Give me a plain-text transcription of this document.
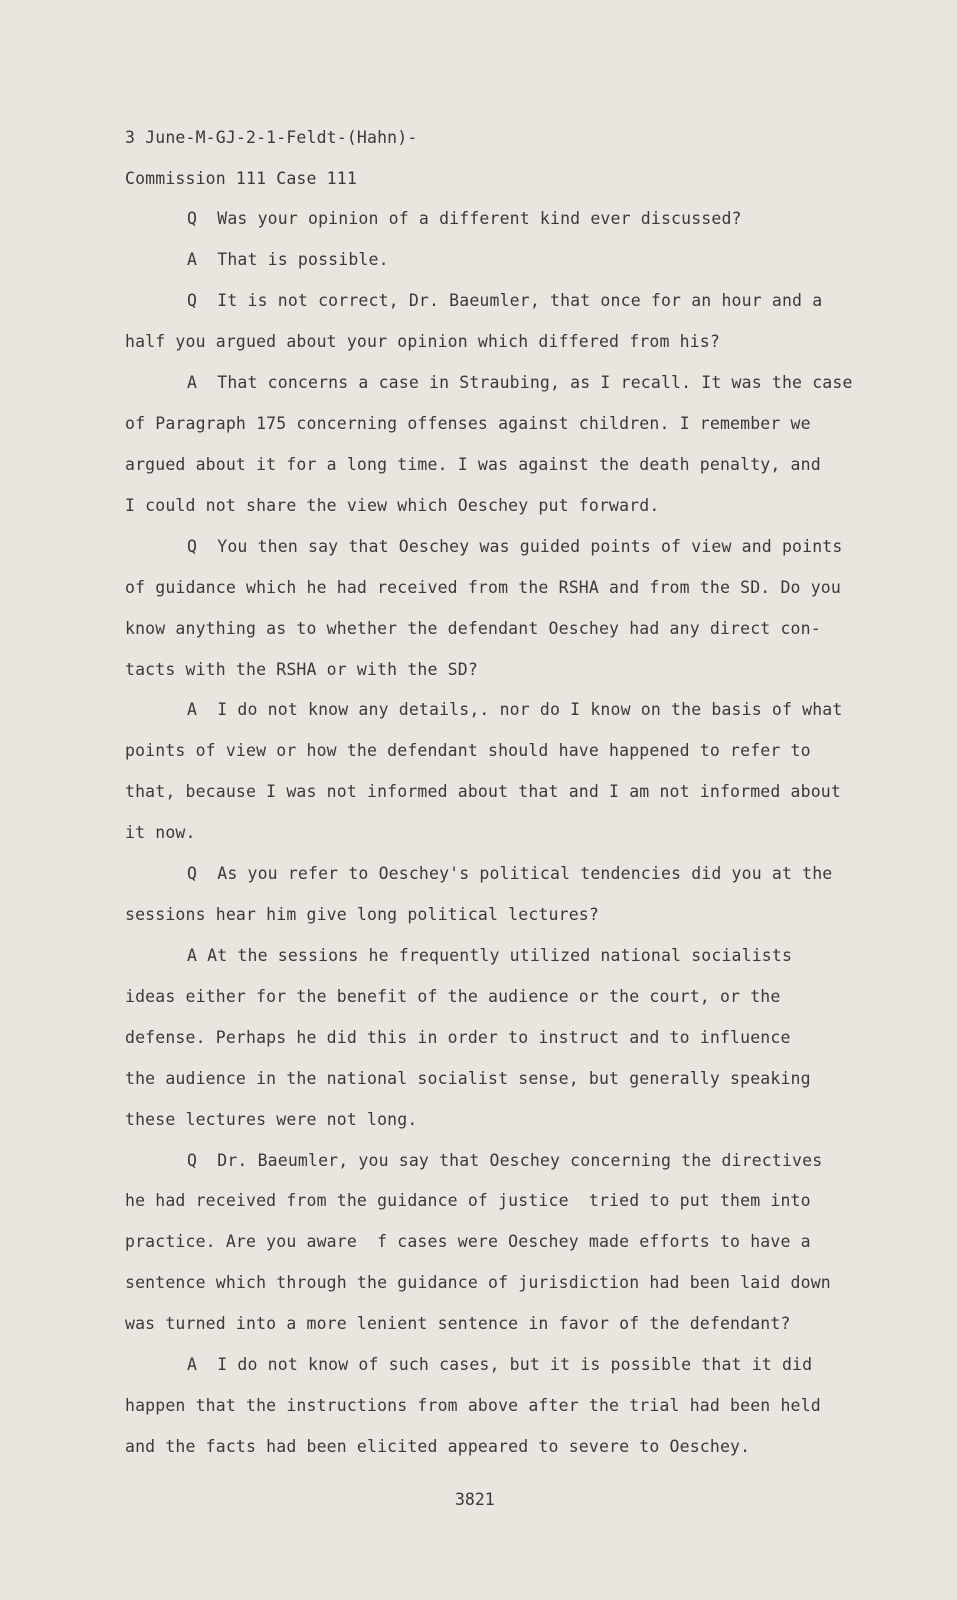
3 June-M-GJ-2-1-Feldt-(Hahn)-
Commission 111 Case 111
Q  Was your opinion of a different kind ever discussed?
A  That is possible.
Q  It is not correct, Dr. Baeumler, that once for an hour and a
half you argued about your opinion which differed from his?
A  That concerns a case in Straubing, as I recall. It was the case
of Paragraph 175 concerning offenses against children. I remember we
argued about it for a long time. I was against the death penalty, and
I could not share the view which Oeschey put forward.
Q  You then say that Oeschey was guided points of view and points
of guidance which he had received from the RSHA and from the SD. Do you
know anything as to whether the defendant Oeschey had any direct con-
tacts with the RSHA or with the SD?
A  I do not know any details,. nor do I know on the basis of what
points of view or how the defendant should have happened to refer to
that, because I was not informed about that and I am not informed about
it now.
Q  As you refer to Oeschey's political tendencies did you at the
sessions hear him give long political lectures?
A At the sessions he frequently utilized national socialists
ideas either for the benefit of the audience or the court, or the
defense. Perhaps he did this in order to instruct and to influence
the audience in the national socialist sense, but generally speaking
these lectures were not long.
Q  Dr. Baeumler, you say that Oeschey concerning the directives
he had received from the guidance of justice  tried to put them into
practice. Are you aware  f cases were Oeschey made efforts to have a
sentence which through the guidance of jurisdiction had been laid down
was turned into a more lenient sentence in favor of the defendant?
A  I do not know of such cases, but it is possible that it did
happen that the instructions from above after the trial had been held
and the facts had been elicited appeared to severe to Oeschey.
3821
